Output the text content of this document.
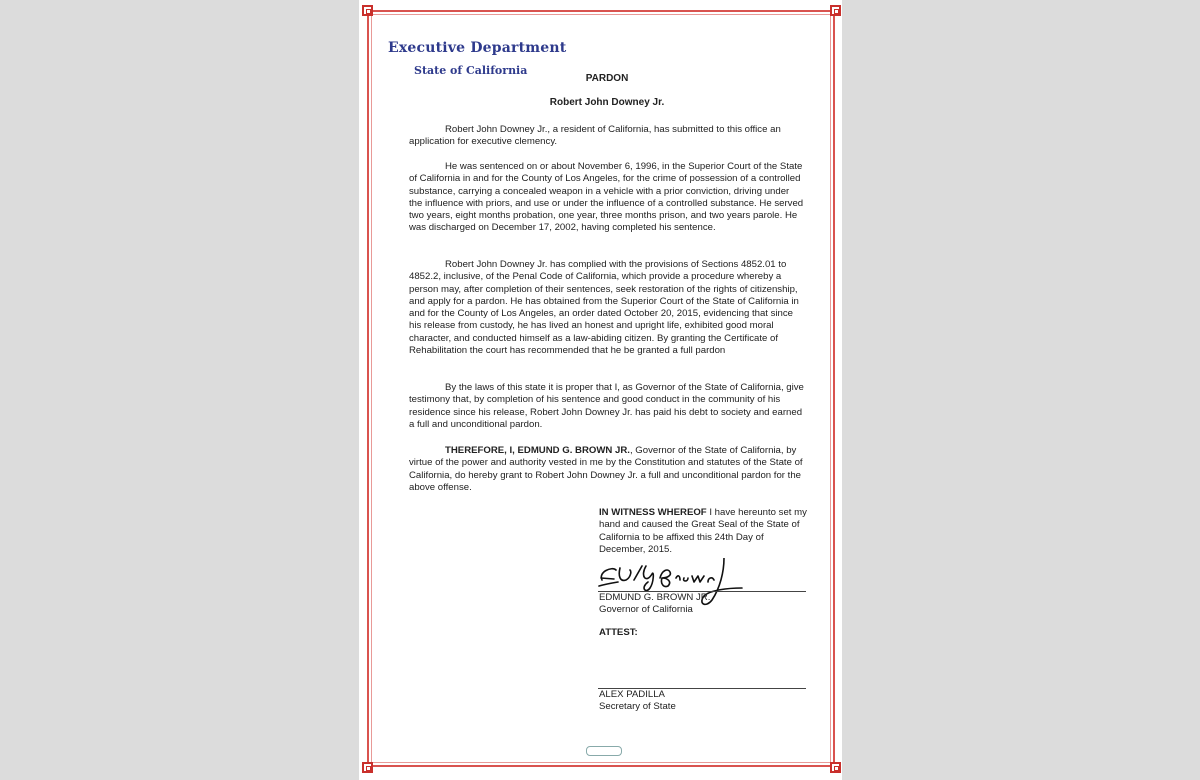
Executive Department
State of California
PARDON
Robert John Downey Jr.
Robert John Downey Jr., a resident of California, has submitted to this office an application for executive clemency.
He was sentenced on or about November 6, 1996, in the Superior Court of the State of California in and for the County of Los Angeles, for the crime of possession of a controlled substance, carrying a concealed weapon in a vehicle with a prior conviction, driving under the influence with priors, and use or under the influence of a controlled substance. He served two years, eight months probation, one year, three months prison, and two years parole. He was discharged on December 17, 2002, having completed his sentence.
Robert John Downey Jr. has complied with the provisions of Sections 4852.01 to 4852.2, inclusive, of the Penal Code of California, which provide a procedure whereby a person may, after completion of their sentences, seek restoration of the rights of citizenship, and apply for a pardon. He has obtained from the Superior Court of the State of California in and for the County of Los Angeles, an order dated October 20, 2015, evidencing that since his release from custody, he has lived an honest and upright life, exhibited good moral character, and conducted himself as a law-abiding citizen. By granting the Certificate of Rehabilitation the court has recommended that he be granted a full pardon
By the laws of this state it is proper that I, as Governor of the State of California, give testimony that, by completion of his sentence and good conduct in the community of his residence since his release, Robert John Downey Jr. has paid his debt to society and earned a full and unconditional pardon.
THEREFORE, I, EDMUND G. BROWN JR., Governor of the State of California, by virtue of the power and authority vested in me by the Constitution and statutes of the State of California, do hereby grant to Robert John Downey Jr. a full and unconditional pardon for the above offense.
IN WITNESS WHEREOF I have hereunto set my hand and caused the Great Seal of the State of California to be affixed this 24th Day of December, 2015.
EDMUND G. BROWN JR.
Governor of California
ATTEST:
ALEX PADILLA
Secretary of State
